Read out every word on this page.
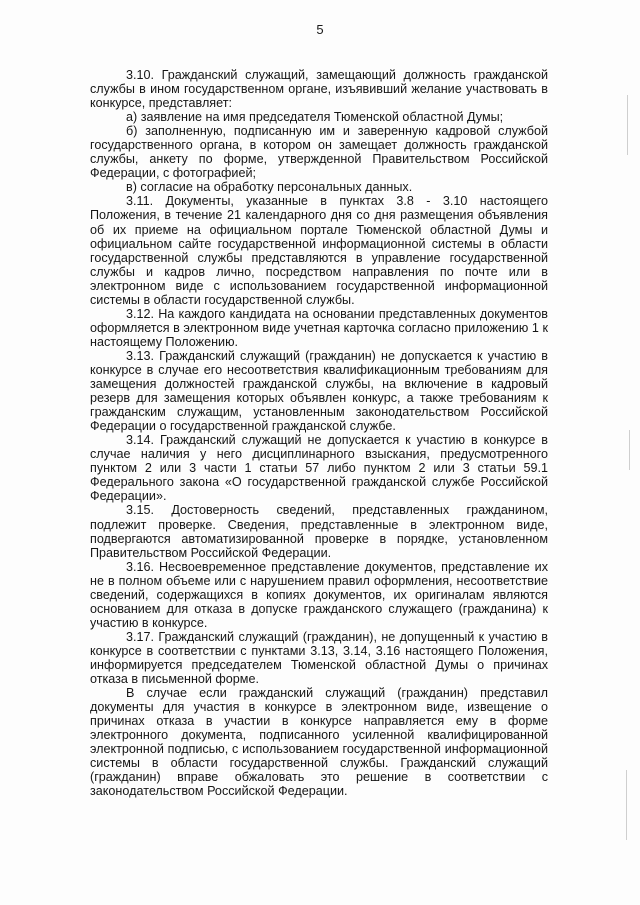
5

3.10. Гражданский служащий, замещающий должность гражданской службы в ином государственном органе, изъявивший желание участвовать в конкурсе, представляет:

а) заявление на имя председателя Тюменской областной Думы;

б) заполненную, подписанную им и заверенную кадровой службой государственного органа, в котором он замещает должность гражданской службы, анкету по форме, утвержденной Правительством Российской Федерации, с фотографией;

в) согласие на обработку персональных данных.

3.11. Документы, указанные в пунктах 3.8 - 3.10 настоящего Положения, в течение 21 календарного дня со дня размещения объявления об их приеме на официальном портале Тюменской областной Думы и официальном сайте государственной информационной системы в области государственной службы представляются в управление государственной службы и кадров лично, посредством направления по почте или в электронном виде с использованием государственной информационной системы в области государственной службы.

3.12. На каждого кандидата на основании представленных документов оформляется в электронном виде учетная карточка согласно приложению 1 к настоящему Положению.

3.13. Гражданский служащий (гражданин) не допускается к участию в конкурсе в случае его несоответствия квалификационным требованиям для замещения должностей гражданской службы, на включение в кадровый резерв для замещения которых объявлен конкурс, а также требованиям к гражданским служащим, установленным законодательством Российской Федерации о государственной гражданской службе.

3.14. Гражданский служащий не допускается к участию в конкурсе в случае наличия у него дисциплинарного взыскания, предусмотренного пунктом 2 или 3 части 1 статьи 57 либо пунктом 2 или 3 статьи 59.1 Федерального закона «О государственной гражданской службе Российской Федерации».

3.15. Достоверность сведений, представленных гражданином, подлежит проверке. Сведения, представленные в электронном виде, подвергаются автоматизированной проверке в порядке, установленном Правительством Российской Федерации.

3.16. Несвоевременное представление документов, представление их не в полном объеме или с нарушением правил оформления, несоответствие сведений, содержащихся в копиях документов, их оригиналам являются основанием для отказа в допуске гражданского служащего (гражданина) к участию в конкурсе.

3.17. Гражданский служащий (гражданин), не допущенный к участию в конкурсе в соответствии с пунктами 3.13, 3.14, 3.16 настоящего Положения, информируется председателем Тюменской областной Думы о причинах отказа в письменной форме.

В случае если гражданский служащий (гражданин) представил документы для участия в конкурсе в электронном виде, извещение о причинах отказа в участии в конкурсе направляется ему в форме электронного документа, подписанного усиленной квалифицированной электронной подписью, с использованием государственной информационной системы в области государственной службы. Гражданский служащий (гражданин) вправе обжаловать это решение в соответствии с законодательством Российской Федерации.
